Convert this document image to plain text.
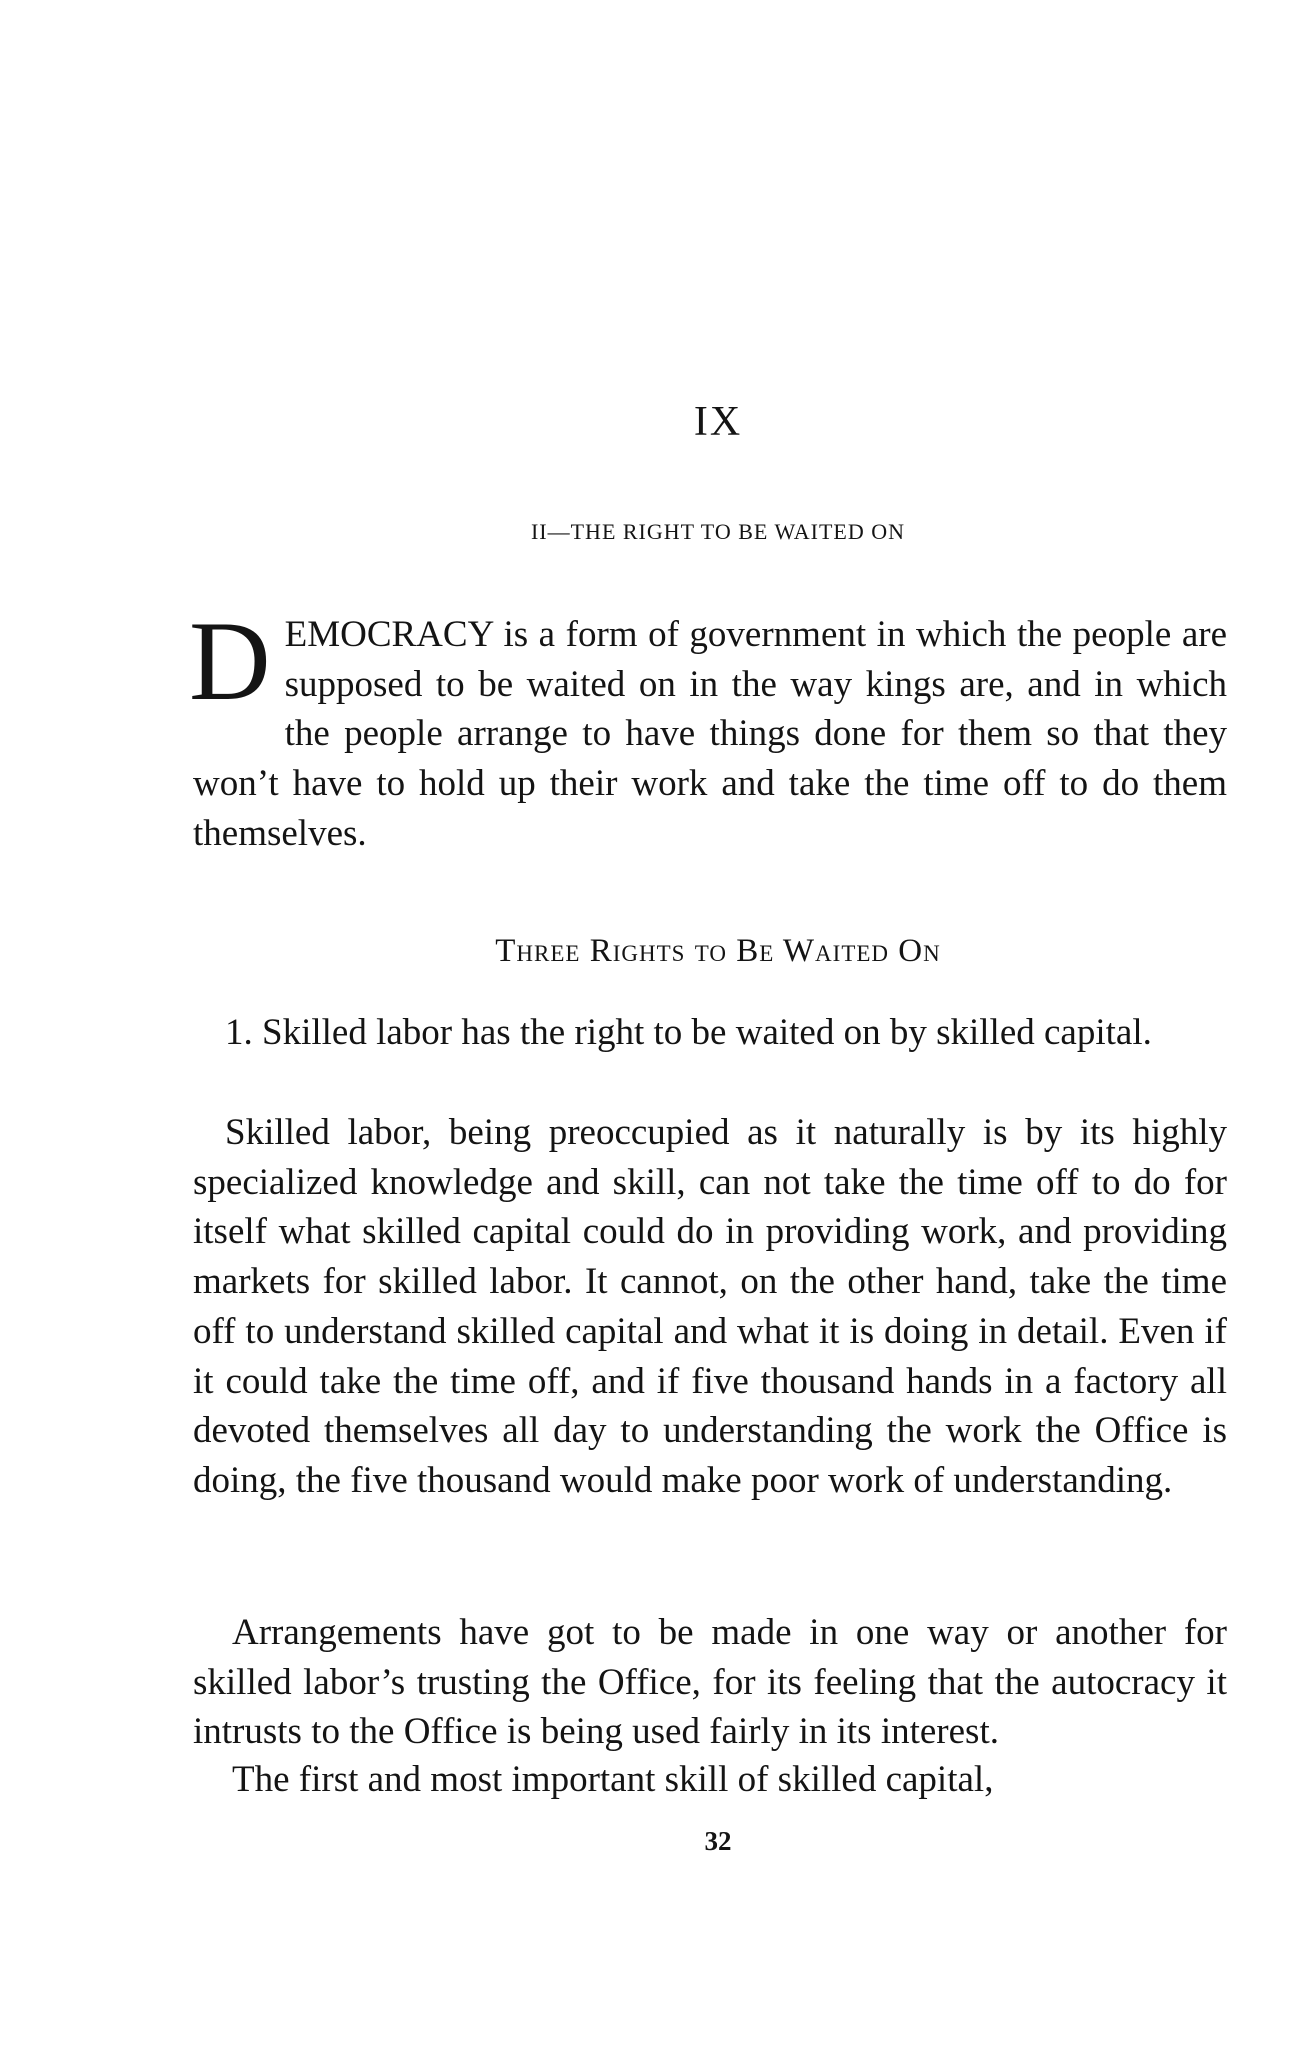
IX
II—THE RIGHT TO BE WAITED ON
DEMOCRACY is a form of government in which the people are supposed to be waited on in the way kings are, and in which the people arrange to have things done for them so that they won’t have to hold up their work and take the time off to do them themselves.
Three Rights to Be Waited On

1. Skilled labor has the right to be waited on by skilled capital.

Skilled labor, being preoccupied as it naturally is by its highly specialized knowledge and skill, can not take the time off to do for itself what skilled capital could do in providing work, and providing markets for skilled labor. It cannot, on the other hand, take the time off to understand skilled capital and what it is doing in detail. Even if it could take the time off, and if five thousand hands in a factory all devoted themselves all day to understanding the work the Office is doing, the five thousand would make poor work of understanding.

Arrangements have got to be made in one way or another for skilled labor’s trusting the Office, for its feeling that the autocracy it intrusts to the Office is being used fairly in its interest.

The first and most important skill of skilled capital,

32
